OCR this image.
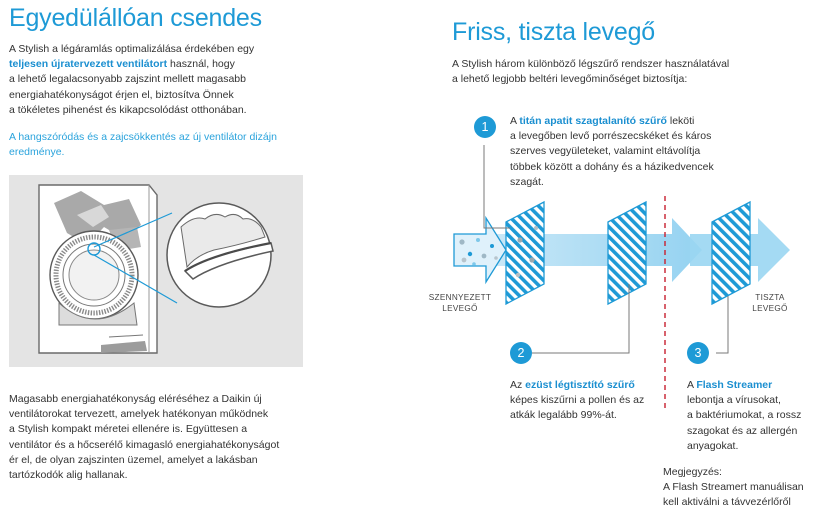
Egyedülállóan csendes
A Stylish a légáramlás optimalizálása érdekében egy
teljesen újratervezett ventilátort használ, hogy
a lehető legalacsonyabb zajszint mellett magasabb
energiahatékonyságot érjen el, biztosítva Önnek
a tökéletes pihenést és kikapcsolódást otthonában.
A hangszóródás és a zajcsökkentés az új ventilátor dizájn
eredménye.
Magasabb energiahatékonyság eléréséhez a Daikin új
ventilátorokat tervezett, amelyek hatékonyan működnek
a Stylish kompakt méretei ellenére is. Együttesen a
ventilátor és a hőcserélő kimagasló energiahatékonyságot
ér el, de olyan zajszinten üzemel, amelyet a lakásban
tartózkodók alig hallanak.
Friss, tiszta levegő
A Stylish három különböző légszűrő rendszer használatával
a lehető legjobb beltéri levegőminőséget biztosítja:
1
2	3
A titán apatit szagtalanító szűrő leköti
a levegőben levő porrészecskéket és káros
szerves vegyületeket, valamint eltávolítja
többek között a dohány és a házikedvencek
szagát.
SZENNYEZETT
LEVEGŐ
TISZTA
LEVEGŐ
Az ezüst légtisztító szűrő
képes kiszűrni a pollen és az
atkák legalább 99%-át.
A Flash Streamer
lebontja a vírusokat,
a baktériumokat, a rossz
szagokat és az allergén
anyagokat.
Megjegyzés:
A Flash Streamert manuálisan
kell aktiválni a távvezérlőről
